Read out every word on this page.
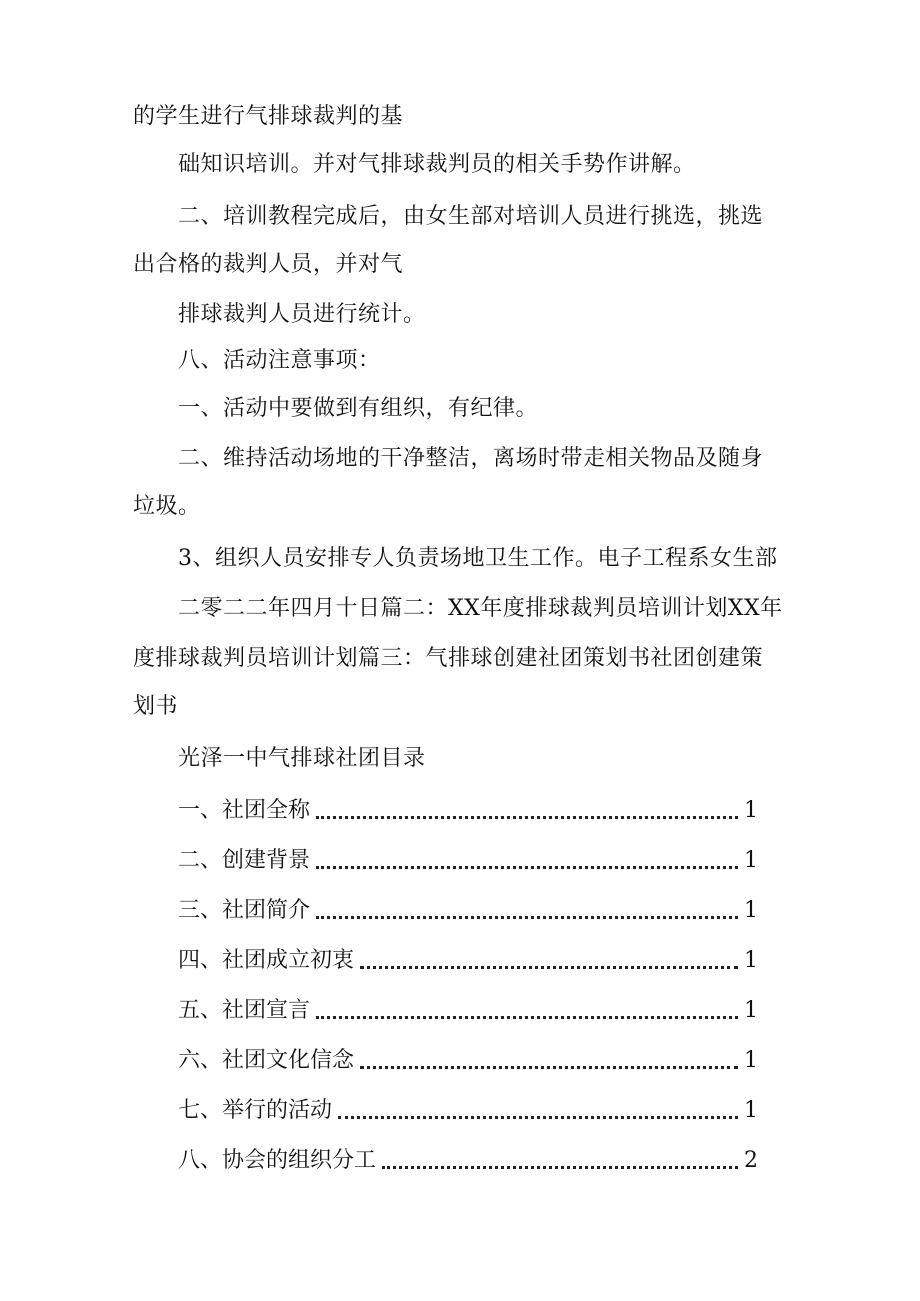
的学生进行气排球裁判的基
础知识培训。并对气排球裁判员的相关手势作讲解。
二、培训教程完成后，由女生部对培训人员进行挑选，挑选
出合格的裁判人员，并对气
排球裁判人员进行统计。
八、活动注意事项：
一、活动中要做到有组织，有纪律。
二、维持活动场地的干净整洁，离场时带走相关物品及随身
垃圾。
3、组织人员安排专人负责场地卫生工作。电子工程系女生部
二零二二年四月十日篇二：XX年度排球裁判员培训计划XX年
度排球裁判员培训计划篇三：气排球创建社团策划书社团创建策
划书
光泽一中气排球社团目录
一、社团全称	1
二、创建背景	1
三、社团简介	1
四、社团成立初衷	1
五、社团宣言	1
六、社团文化信念	1
七、举行的活动	1
八、协会的组织分工	2
